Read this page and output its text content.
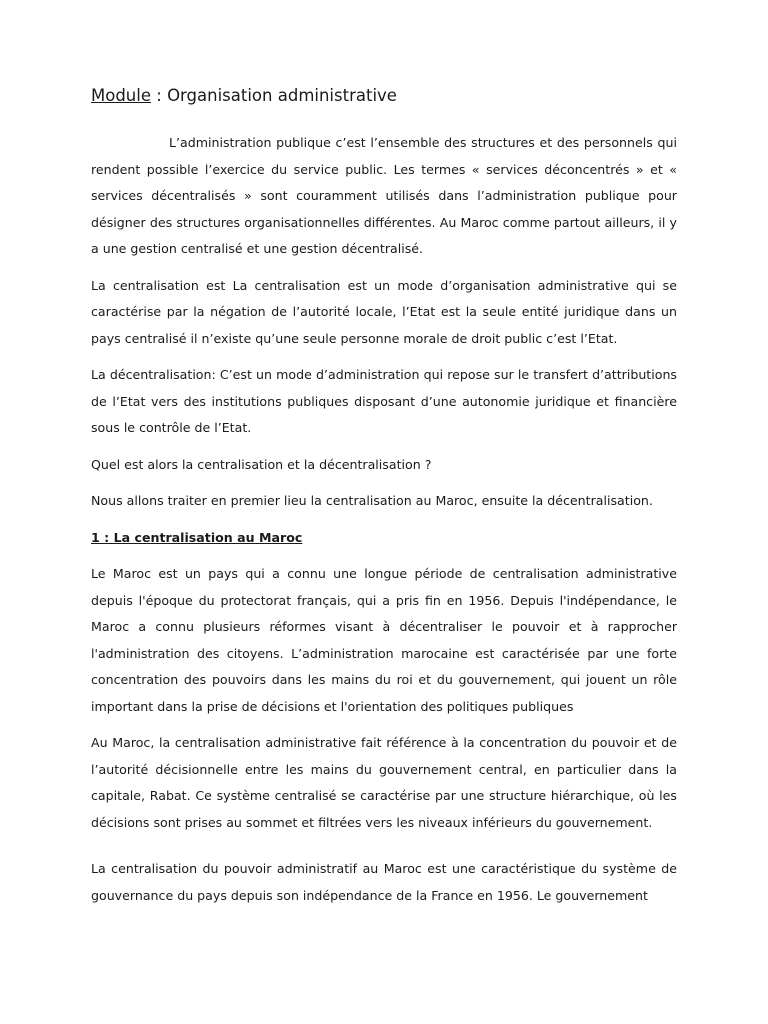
Module : Organisation administrative

L’administration publique c’est l’ensemble des structures et des personnels qui rendent possible l’exercice du service public. Les termes « services déconcentrés » et « services décentralisés » sont couramment utilisés dans l’administration publique pour désigner des structures organisationnelles différentes. Au Maroc comme partout ailleurs, il y a une gestion centralisé et une gestion décentralisé.

La centralisation est La centralisation est un mode d’organisation administrative qui se caractérise par la négation de l’autorité locale, l’Etat est la seule entité juridique dans un pays centralisé il n’existe qu’une seule personne morale de droit public c’est l’Etat.

La décentralisation: C’est un mode d’administration qui repose sur le transfert d’attributions de l’Etat vers des institutions publiques disposant d’une autonomie juridique et financière sous le contrôle de l’Etat.

Quel est alors la centralisation et la décentralisation ?

Nous allons traiter en premier lieu la centralisation au Maroc, ensuite la décentralisation.

1 : La centralisation au Maroc

Le Maroc est un pays qui a connu une longue période de centralisation administrative depuis l'époque du protectorat français, qui a pris fin en 1956. Depuis l'indépendance, le Maroc a connu plusieurs réformes visant à décentraliser le pouvoir et à rapprocher l'administration des citoyens. L’administration marocaine est caractérisée par une forte concentration des pouvoirs dans les mains du roi et du gouvernement, qui jouent un rôle important dans la prise de décisions et l'orientation des politiques publiques

Au Maroc, la centralisation administrative fait référence à la concentration du pouvoir et de l’autorité décisionnelle entre les mains du gouvernement central, en particulier dans la capitale, Rabat. Ce système centralisé se caractérise par une structure hiérarchique, où les décisions sont prises au sommet et filtrées vers les niveaux inférieurs du gouvernement.

La centralisation du pouvoir administratif au Maroc est une caractéristique du système de gouvernance du pays depuis son indépendance de la France en 1956. Le gouvernement
